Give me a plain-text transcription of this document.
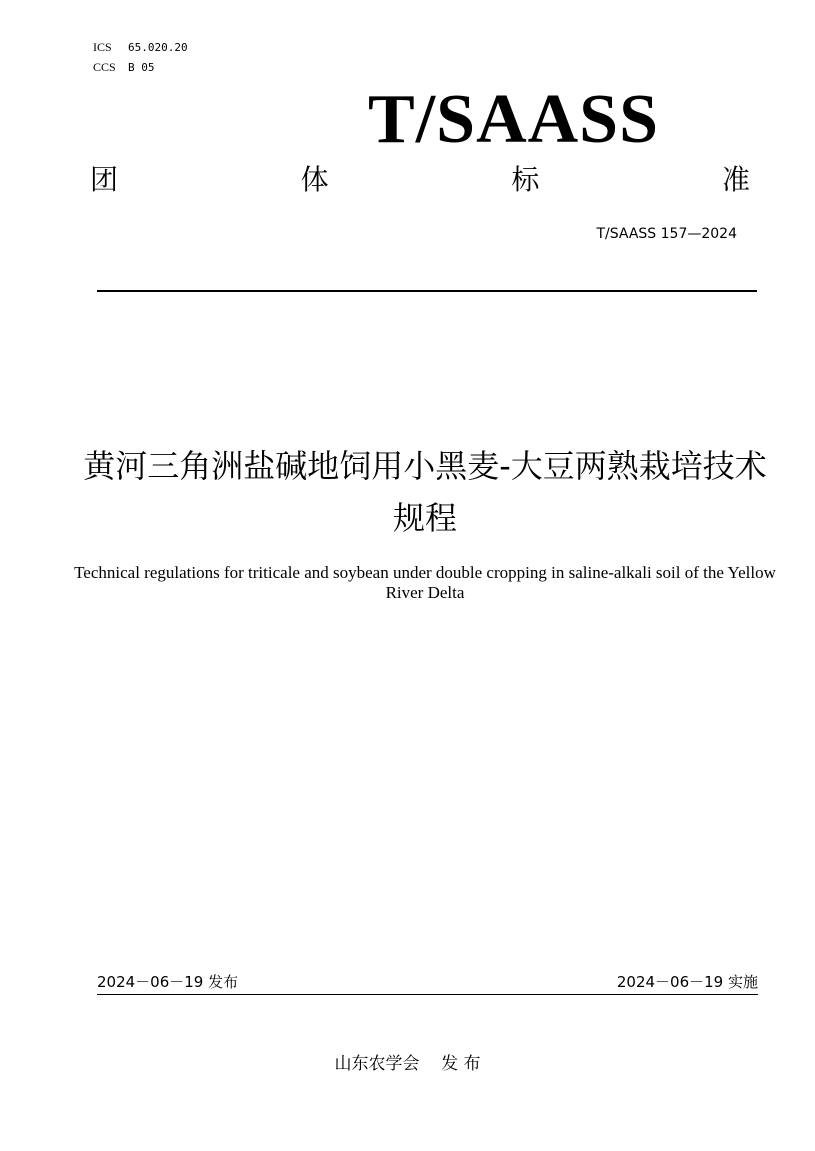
ICS 65.020.20
CCS B 05
T/SAASS
团	体	标	准
T/SAASS 157—2024
黄河三角洲盐碱地饲用小黑麦-大豆两熟栽培技术规程
Technical regulations for triticale and soybean under double cropping in saline-alkali soil of the Yellow River Delta
2024－06－19 发布	2024－06－19 实施
山东农学会    发 布
